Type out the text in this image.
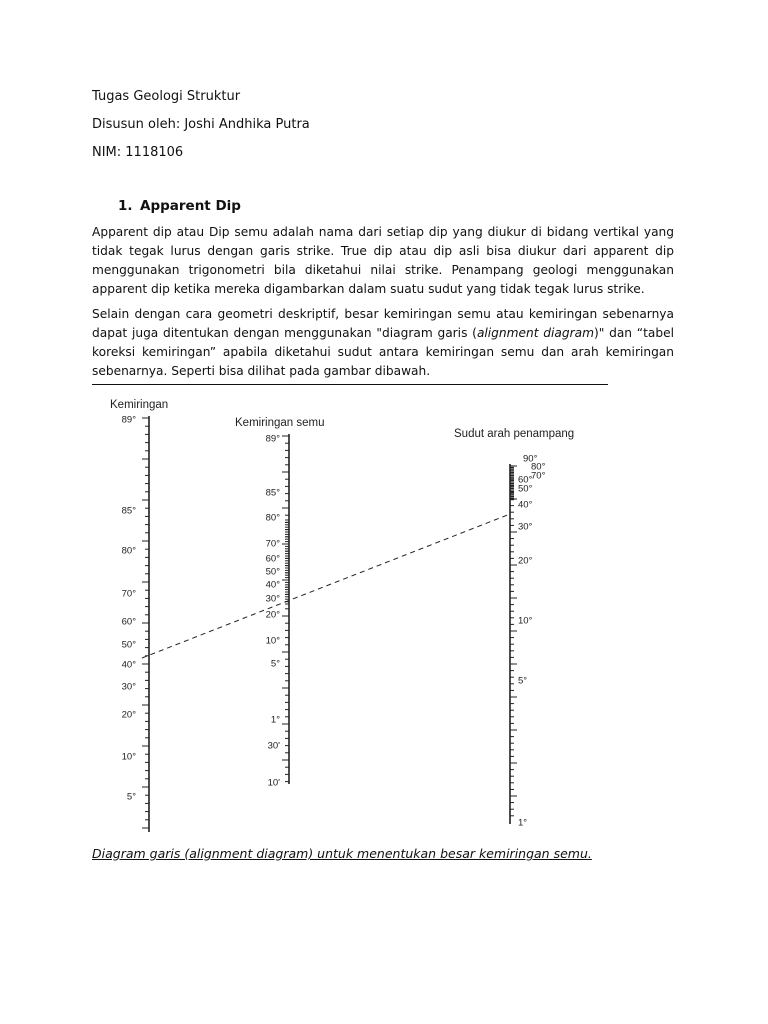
Tugas Geologi Struktur

Disusun oleh: Joshi Andhika Putra

NIM: 1118106

1. Apparent Dip

Apparent dip atau Dip semu adalah nama dari setiap dip yang diukur di bidang vertikal yang tidak tegak lurus dengan garis strike. True dip atau dip asli bisa diukur dari apparent dip menggunakan trigonometri bila diketahui nilai strike. Penampang geologi menggunakan apparent dip ketika mereka digambarkan dalam suatu sudut yang tidak tegak lurus strike.

Selain dengan cara geometri deskriptif, besar kemiringan semu atau kemiringan sebenarnya dapat juga ditentukan dengan menggunakan "diagram garis (alignment diagram)" dan “tabel koreksi kemiringan” apabila diketahui sudut antara kemiringan semu dan arah kemiringan sebenarnya. Seperti bisa dilihat pada gambar dibawah.

Kemiringan
Kemiringan semu
Sudut arah penampang
89°
85°
80°
70°
60°
50°
40°
30°
20°
10°
5°
89°
85°
80°
70°
60°
50°
40°
30°
20°
10°
5°
1°
30'
10'
90°
80°
70°
60°
50°
40°
30°
20°
10°
5°
1°

Diagram garis (alignment diagram) untuk menentukan besar kemiringan semu.
